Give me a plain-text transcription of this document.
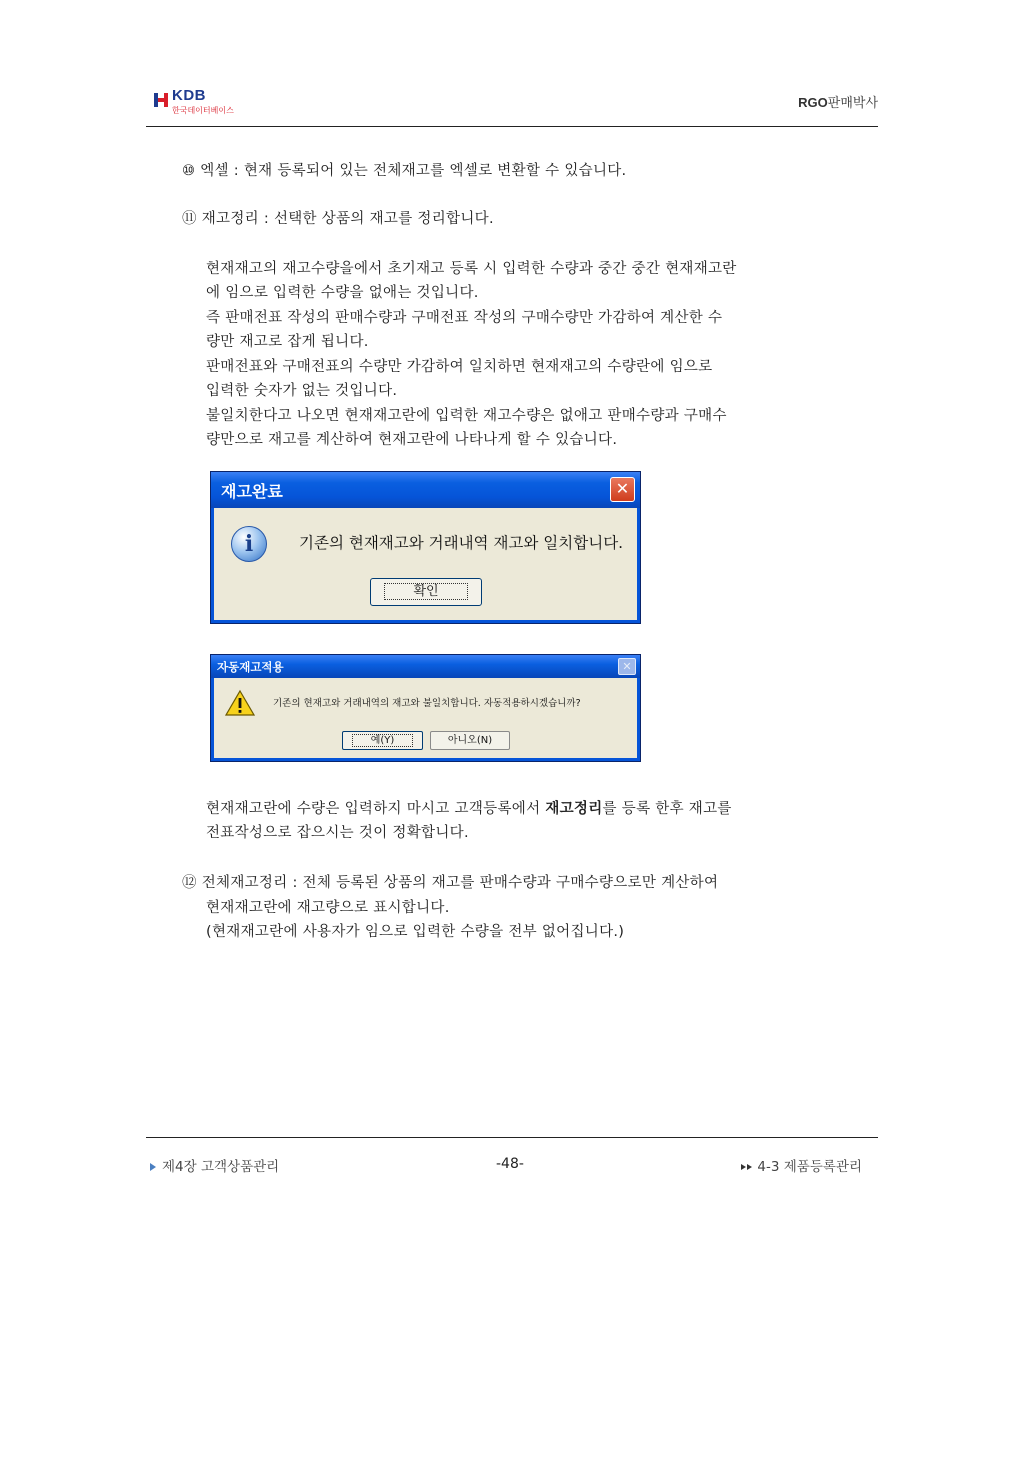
KDB
한국데이터베이스
RGO판매박사
⑩ 엑셀 : 현재 등록되어 있는 전체재고를 엑셀로 변환할 수 있습니다.
⑪ 재고정리 : 선택한 상품의 재고를 정리합니다.
현재재고의 재고수량을에서 초기재고 등록 시 입력한 수량과 중간 중간 현재재고란
에 임으로 입력한 수량을 없애는 것입니다.
즉 판매전표 작성의 판매수량과 구매전표 작성의 구매수량만 가감하여 계산한 수
량만 재고로 잡게 됩니다.
판매전표와 구매전표의 수량만 가감하여 일치하면 현재재고의 수량란에 임으로
입력한 숫자가 없는 것입니다.
불일치한다고 나오면 현재재고란에 입력한 재고수량은 없애고 판매수량과 구매수
량만으로 재고를 계산하여 현재고란에 나타나게 할 수 있습니다.
재고완료	✕
i	기존의 현재재고와 거래내역 재고와 일치합니다.
확인
자동재고적용	✕
기존의 현재고와 거래내역의 재고와 불일치합니다. 자동적용하시겠습니까?
예(Y)	아니오(N)
현재재고란에 수량은 입력하지 마시고 고객등록에서 재고정리를 등록 한후 재고를
전표작성으로 잡으시는 것이 정확합니다.
⑫ 전체재고정리 : 전체 등록된 상품의 재고를 판매수량과 구매수량으로만 계산하여
현재재고란에 재고량으로 표시합니다.
(현재재고란에 사용자가 임으로 입력한 수량을 전부 없어집니다.)
제4장 고객상품관리	-48-	4-3 제품등록관리
